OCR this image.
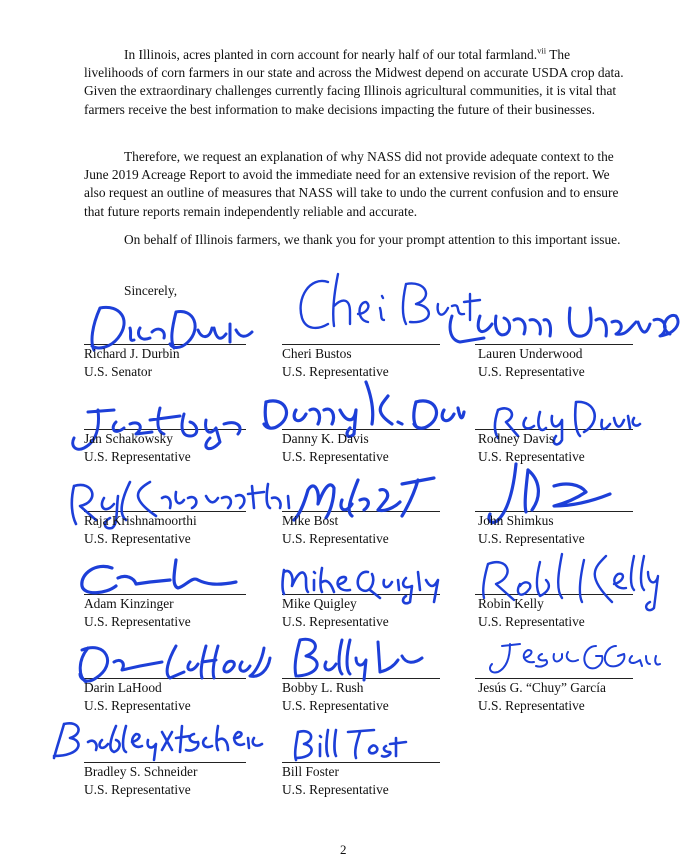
In Illinois, acres planted in corn account for nearly half of our total farmland.$^{vii}$ The livelihoods of corn farmers in our state and across the Midwest depend on accurate USDA crop data. Given the extraordinary challenges currently facing Illinois agricultural communities, it is vital that farmers receive the best information to make decisions impacting the future of their businesses.

Therefore, we request an explanation of why NASS did not provide adequate context to the June 2019 Acreage Report to avoid the immediate need for an extensive revision of the report. We also request an outline of measures that NASS will take to undo the current confusion and to ensure that future reports remain independently reliable and accurate.

On behalf of Illinois farmers, we thank you for your prompt attention to this important issue.

Sincerely,
Richard J. Durbin
U.S. Senator
Cheri Bustos
U.S. Representative
Lauren Underwood
U.S. Representative
Jan Schakowsky
U.S. Representative
Danny K. Davis
U.S. Representative
Rodney Davis
U.S. Representative
Raja Krishnamoorthi
U.S. Representative
Mike Bost
U.S. Representative
John Shimkus
U.S. Representative
Adam Kinzinger
U.S. Representative
Mike Quigley
U.S. Representative
Robin Kelly
U.S. Representative
Darin LaHood
U.S. Representative
Bobby L. Rush
U.S. Representative
Jesús G. “Chuy” García
U.S. Representative
Bradley S. Schneider
U.S. Representative
Bill Foster
U.S. Representative
2
